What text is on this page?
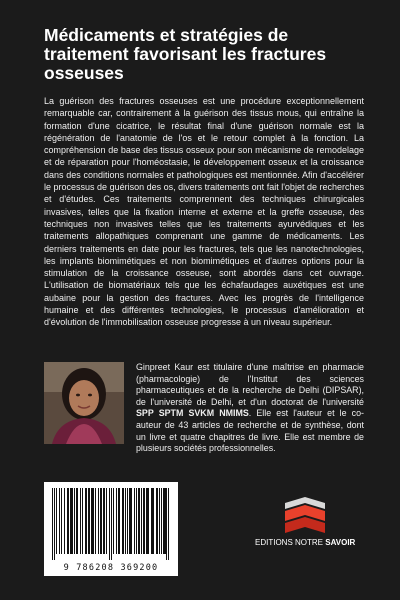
Médicaments et stratégies de traitement favorisant les fractures osseuses

La guérison des fractures osseuses est une procédure exceptionnellement remarquable car, contrairement à la guérison des tissus mous, qui entraîne la formation d'une cicatrice, le résultat final d'une guérison normale est la régénération de l'anatomie de l'os et le retour complet à la fonction. La compréhension de base des tissus osseux pour son mécanisme de remodelage et de réparation pour l'homéostasie, le développement osseux et la croissance dans des conditions normales et pathologiques est mentionnée. Afin d'accélérer le processus de guérison des os, divers traitements ont fait l'objet de recherches et d'études. Ces traitements comprennent des techniques chirurgicales invasives, telles que la fixation interne et externe et la greffe osseuse, des techniques non invasives telles que les traitements ayurvédiques et les traitements allopathiques comprenant une gamme de médicaments. Les derniers traitements en date pour les fractures, tels que les nanotechnologies, les implants biomimétiques et non biomimétiques et d'autres options pour la stimulation de la croissance osseuse, sont abordés dans cet ouvrage. L'utilisation de biomatériaux tels que les échafaudages auxétiques est une aubaine pour la gestion des fractures. Avec les progrès de l'intelligence humaine et des différentes technologies, le processus d'amélioration et d'évolution de l'immobilisation osseuse progresse à un niveau supérieur.

Ginpreet Kaur est titulaire d'une maîtrise en pharmacie (pharmacologie) de l'Institut des sciences pharmaceutiques et de la recherche de Delhi (DIPSAR), de l'université de Delhi, et d'un doctorat de l'université SPP SPTM SVKM NMIMS. Elle est l'auteur et le co-auteur de 43 articles de recherche et de synthèse, dont un livre et quatre chapitres de livre. Elle est membre de plusieurs sociétés professionnelles.

9 786208 369200
EDITIONS NOTRE SAVOIR
